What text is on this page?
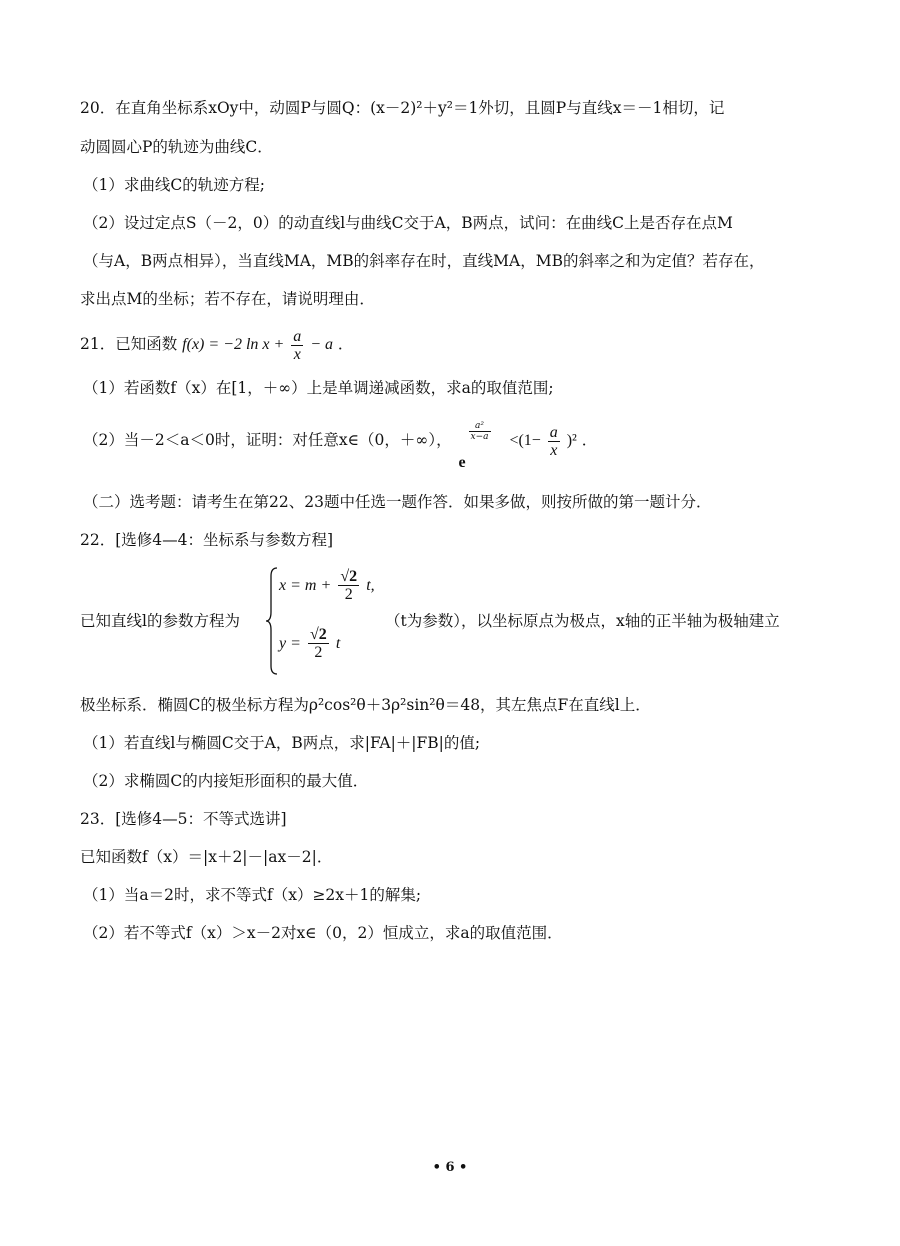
20．在直角坐标系xOy中，动圆P与圆Q：(x－2)²＋y²＝1外切，且圆P与直线x＝－1相切，记
动圆圆心P的轨迹为曲线C．
（1）求曲线C的轨迹方程;
（2）设过定点S（－2，0）的动直线l与曲线C交于A，B两点，试问：在曲线C上是否存在点M
（与A，B两点相异），当直线MA，MB的斜率存在时，直线MA，MB的斜率之和为定值？若存在，
求出点M的坐标；若不存在，请说明理由．
21．已知函数 f(x) = −2 $\ln x + \frac{a}{x} - a$ ．
（1）若函数f（x）在[1，＋∞）上是单调递减函数，求a的取值范围;
（2）当－2＜a＜0时，证明：对任意x∈（0，＋∞），
e
$\frac{\text{a²}}{x-a} <(1- \frac{a}{x} )^2$ ．
（二）选考题：请考生在第22、23题中任选一题作答．如果多做，则按所做的第一题计分．
22．[选修4—4：坐标系与参数方程]
已知直线l的参数方程为
$x = m + \frac{√2}{2} t$,
$y = \frac{√2}{2}$ t
（t为参数），以坐标原点为极点，x轴的正半轴为极轴建立
极坐标系．椭圆C的极坐标方程为ρ²cos²θ＋3ρ²sin²θ＝48，其左焦点F在直线l上．
（1）若直线l与椭圆C交于A，B两点，求|FA|＋|FB|的值;
（2）求椭圆C的内接矩形面积的最大值．
23．[选修4—5：不等式选讲]
已知函数f（x）＝|x＋2|－|ax－2|．
（1）当a＝2时，求不等式f（x）≥2x＋1的解集;
（2）若不等式f（x）＞x－2对x∈（0，2）恒成立，求a的取值范围．
• 6 •
